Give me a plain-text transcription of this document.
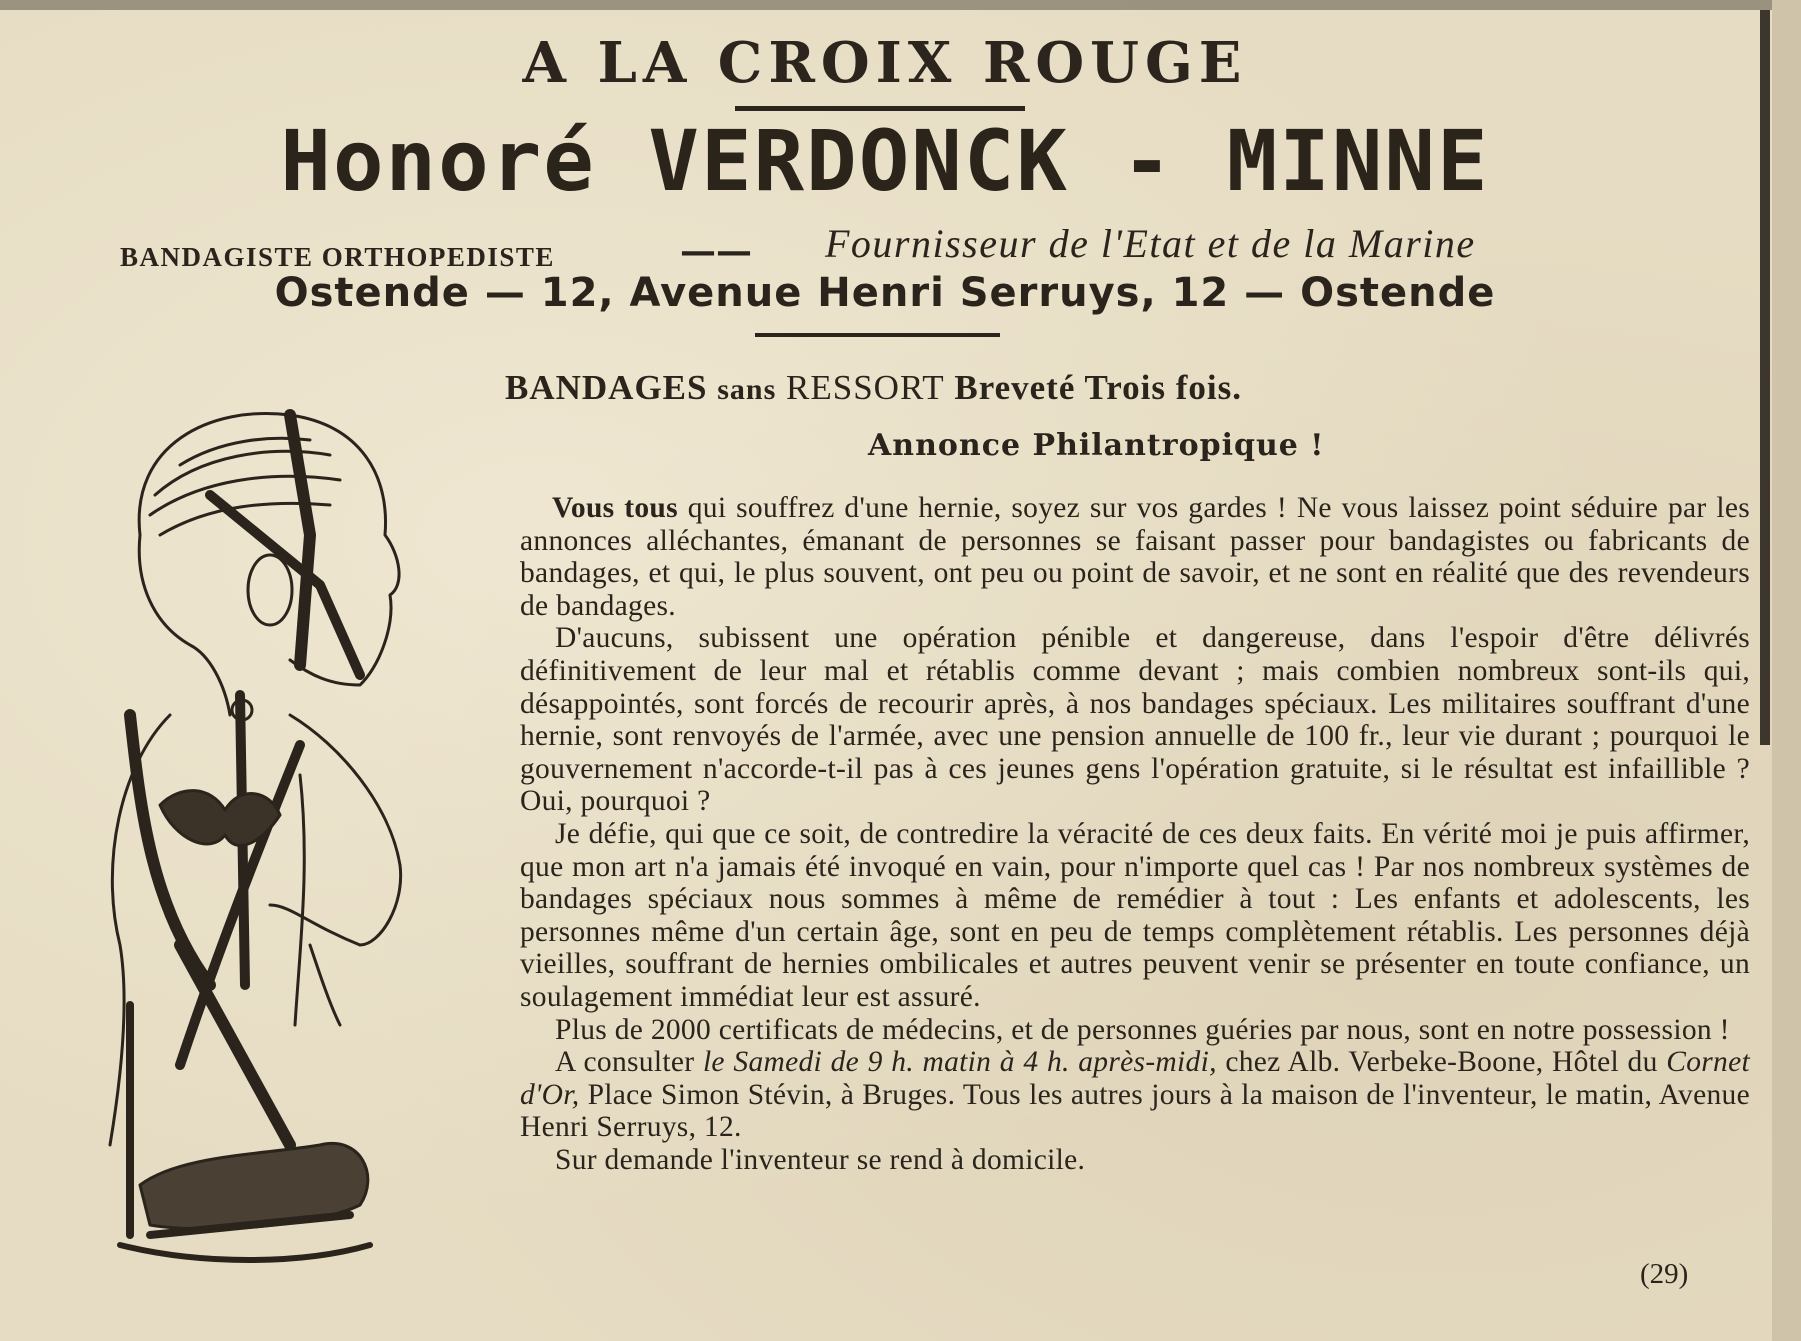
A LA CROIX ROUGE
Honoré VERDONCK - MINNE
BANDAGISTE ORTHOPEDISTE	—— Fournisseur de l'Etat et de la Marine
Ostende — 12, Avenue Henri Serruys, 12 — Ostende
BANDAGES sans RESSORT Breveté Trois fois.
Annonce Philantropique !

Vous tous qui souffrez d'une hernie, soyez sur vos gardes ! Ne vous laissez point séduire par les annonces alléchantes, émanant de personnes se faisant passer pour bandagistes ou fabricants de bandages, et qui, le plus souvent, ont peu ou point de savoir, et ne sont en réalité que des revendeurs de bandages.

D'aucuns, subissent une opération pénible et dangereuse, dans l'espoir d'être délivrés définitivement de leur mal et rétablis comme devant ; mais combien nombreux sont-ils qui, désappointés, sont forcés de recourir après, à nos bandages spéciaux. Les militaires souffrant d'une hernie, sont renvoyés de l'armée, avec une pension annuelle de 100 fr., leur vie durant ; pourquoi le gouvernement n'accorde-t-il pas à ces jeunes gens l'opération gratuite, si le résultat est infaillible ? Oui, pourquoi ?

Je défie, qui que ce soit, de contredire la véracité de ces deux faits. En vérité moi je puis affirmer, que mon art n'a jamais été invoqué en vain, pour n'importe quel cas ! Par nos nombreux systèmes de bandages spéciaux nous sommes à même de remédier à tout : Les enfants et adolescents, les personnes même d'un certain âge, sont en peu de temps complètement rétablis. Les personnes déjà vieilles, souffrant de hernies ombilicales et autres peuvent venir se présenter en toute confiance, un soulagement immédiat leur est assuré.

Plus de 2000 certificats de médecins, et de personnes guéries par nous, sont en notre possession !

A consulter le Samedi de 9 h. matin à 4 h. après-midi, chez Alb. Verbeke-Boone, Hôtel du Cornet d'Or, Place Simon Stévin, à Bruges. Tous les autres jours à la maison de l'inventeur, le matin, Avenue Henri Serruys, 12.

Sur demande l'inventeur se rend à domicile.

(29)
